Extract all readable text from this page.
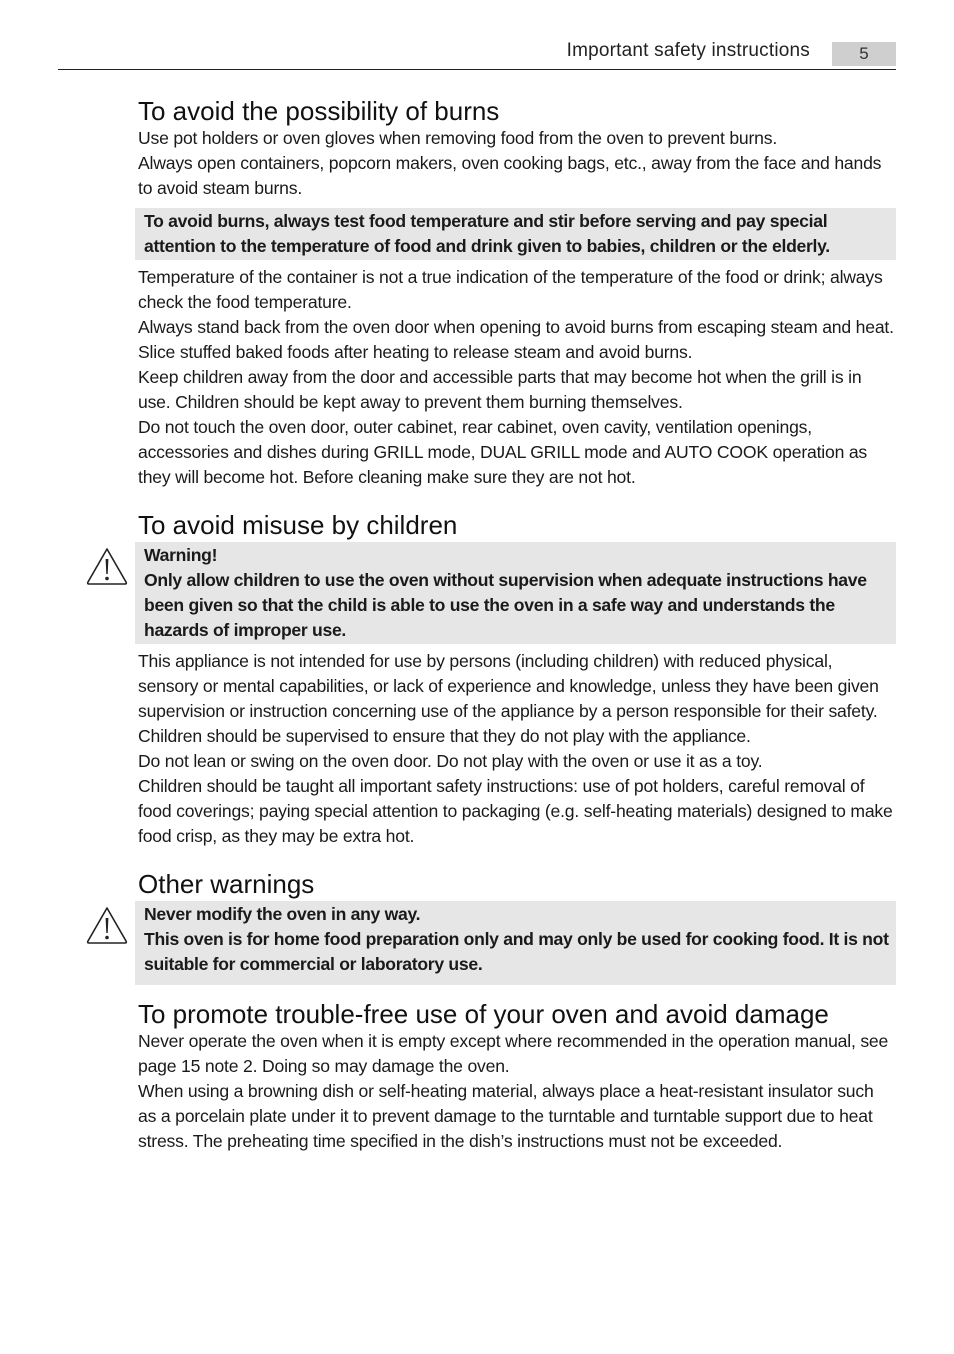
Important safety instructions	5
To avoid the possibility of burns

Use pot holders or oven gloves when removing food from the oven to prevent burns.

Always open containers, popcorn makers, oven cooking bags, etc., away from the face and hands to avoid steam burns.

To avoid burns, always test food temperature and stir before serving and pay special attention to the temperature of food and drink given to babies, children or the elderly.

Temperature of the container is not a true indication of the temperature of the food or drink; always check the food temperature.

Always stand back from the oven door when opening to avoid burns from escaping steam and heat.

Slice stuffed baked foods after heating to release steam and avoid burns.

Keep children away from the door and accessible parts that may become hot when the grill is in use. Children should be kept away to prevent them burning themselves.

Do not touch the oven door, outer cabinet, rear cabinet, oven cavity, ventilation openings, accessories and dishes during GRILL mode, DUAL GRILL mode and AUTO COOK operation as they will become hot. Before cleaning make sure they are not hot.

To avoid misuse by children
Warning!
Only allow children to use the oven without supervision when adequate instructions have been given so that the child is able to use the oven in a safe way and understands the hazards of improper use.

This appliance is not intended for use by persons (including children) with reduced physical, sensory or mental capabilities, or lack of experience and knowledge, unless they have been given supervision or instruction concerning use of the appliance by a person responsible for their safety.

Children should be supervised to ensure that they do not play with the appliance.

Do not lean or swing on the oven door. Do not play with the oven or use it as a toy.

Children should be taught all important safety instructions: use of pot holders, careful removal of food coverings; paying special attention to packaging (e.g. self-heating materials) designed to make food crisp, as they may be extra hot.

Other warnings
Never modify the oven in any way.
This oven is for home food preparation only and may only be used for cooking food. It is not suitable for commercial or laboratory use.
To promote trouble-free use of your oven and avoid damage

Never operate the oven when it is empty except where recommended in the operation manual, see page 15 note 2. Doing so may damage the oven.

When using a browning dish or self-heating material, always place a heat-resistant insulator such as a porcelain plate under it to prevent damage to the turntable and turntable support due to heat stress. The preheating time specified in the dish’s instructions must not be exceeded.
